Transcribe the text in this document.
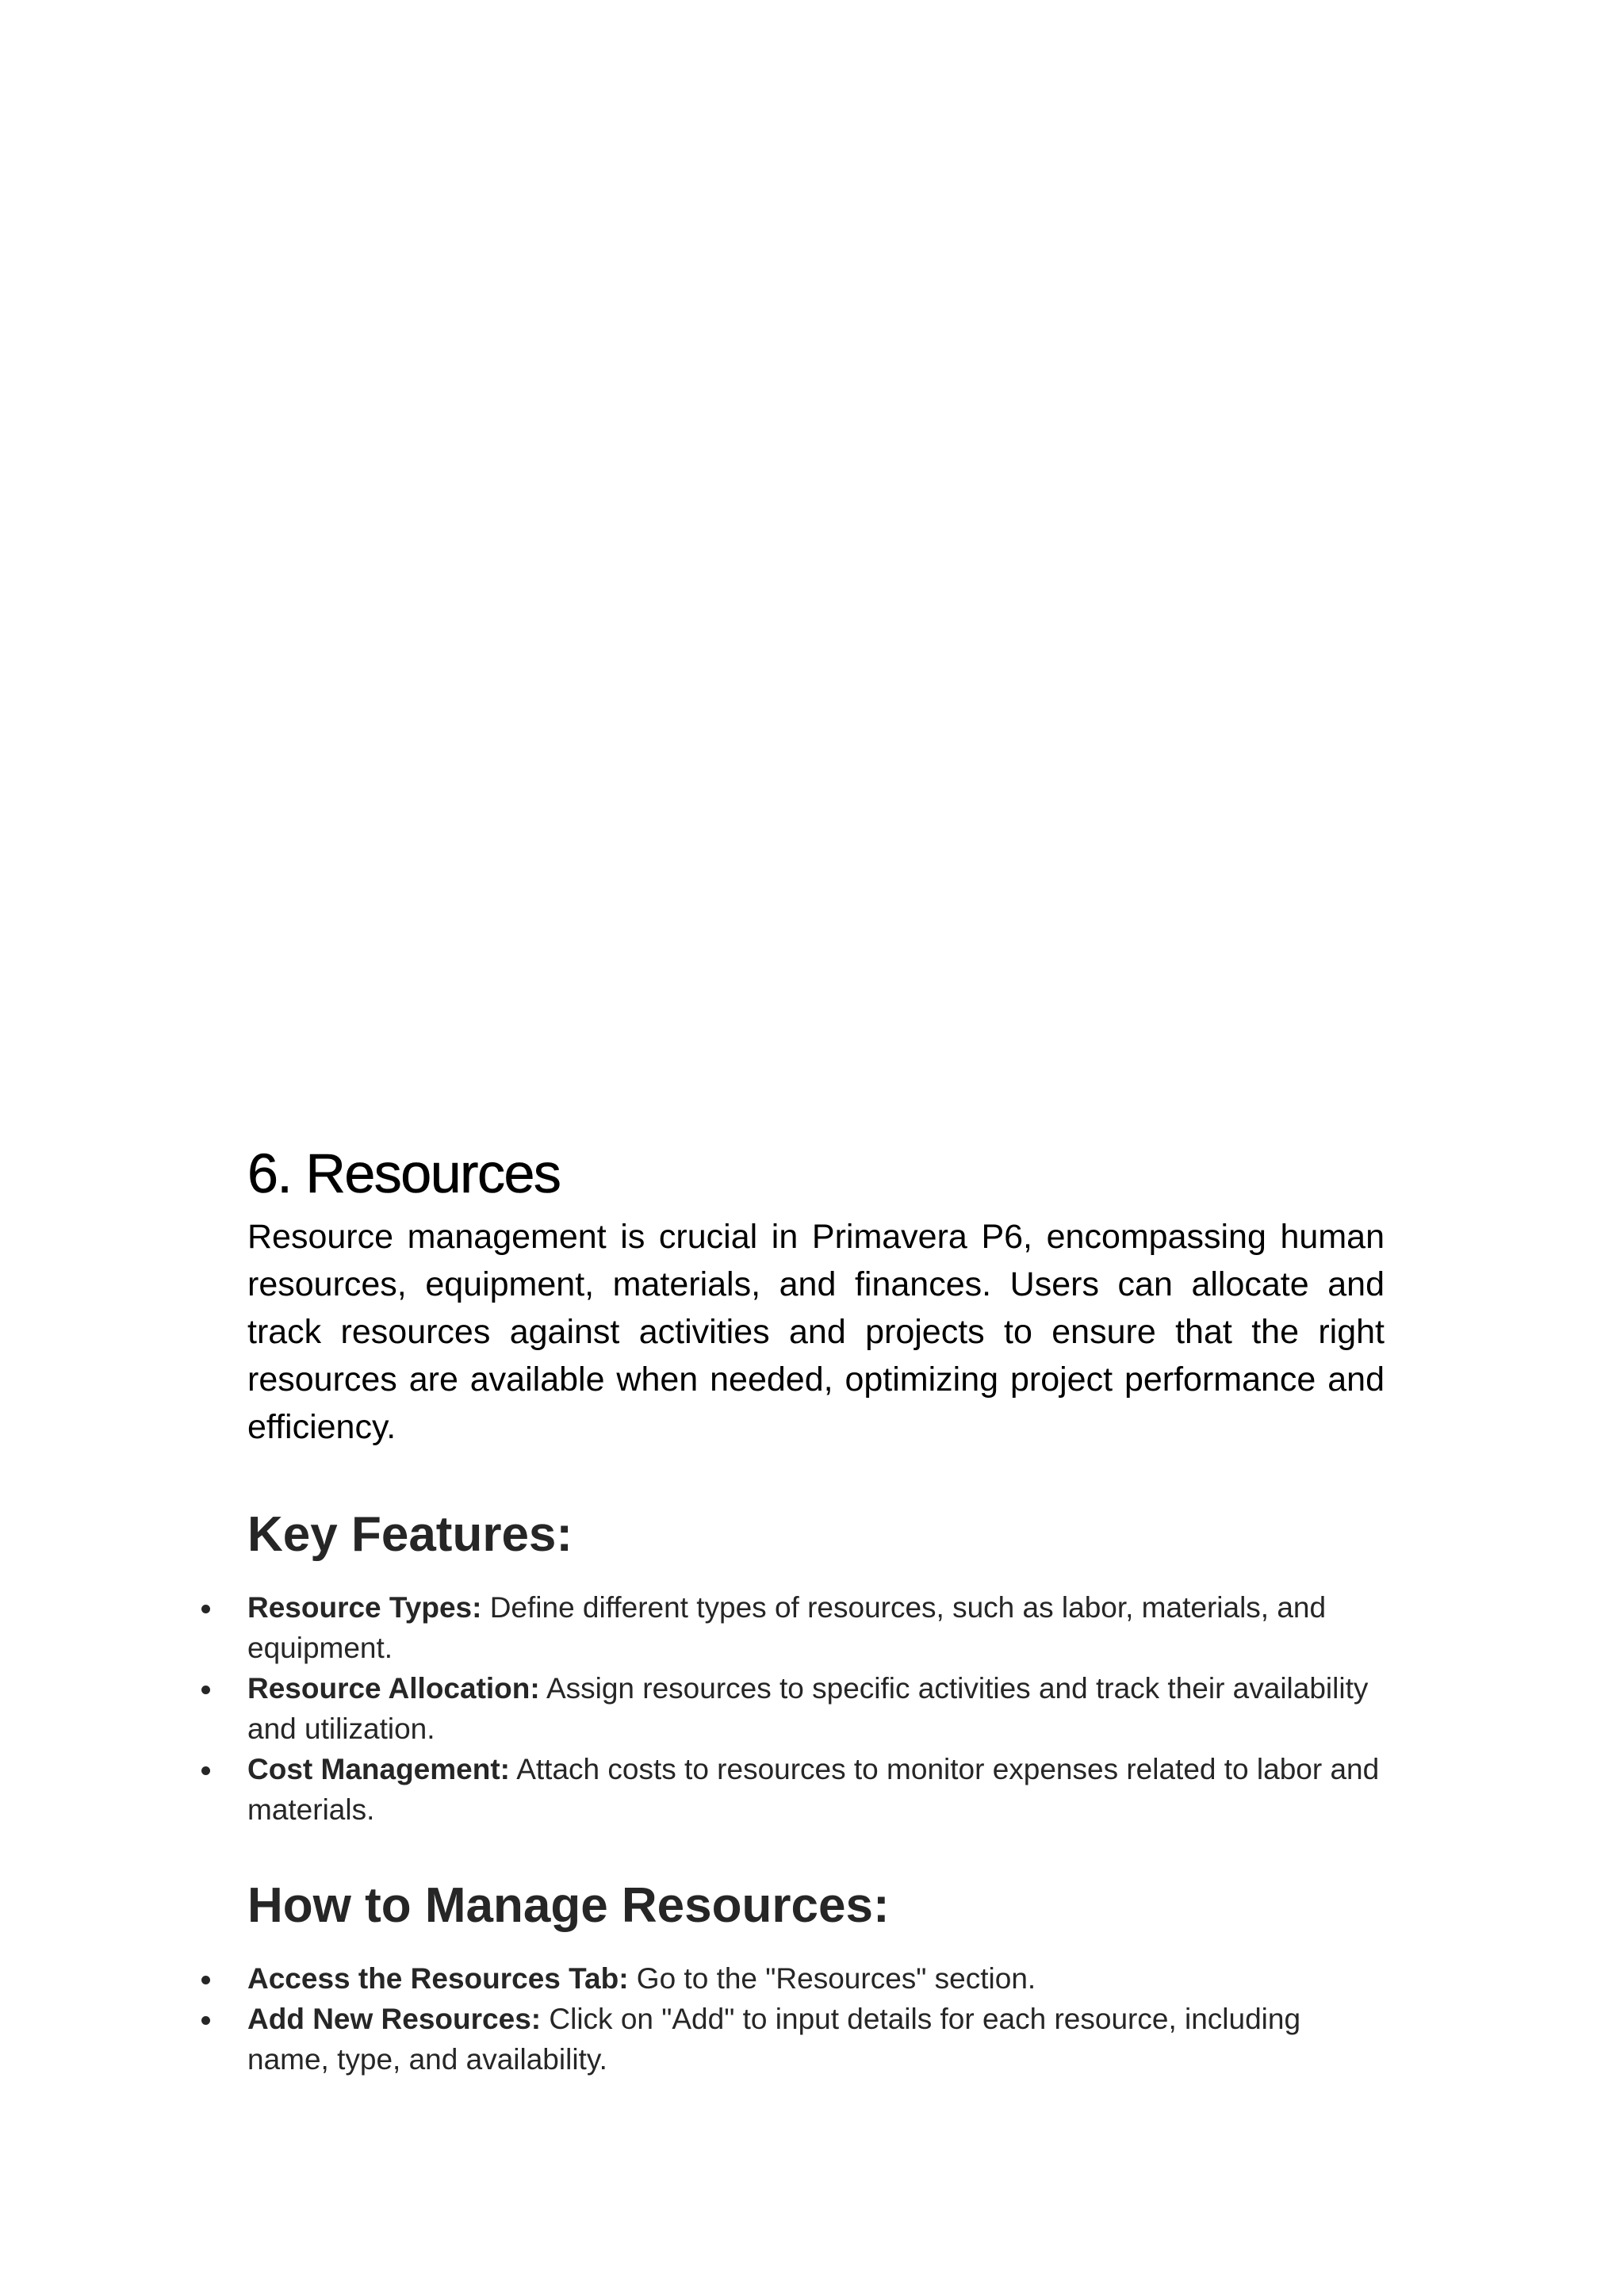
6. Resources

Resource management is crucial in Primavera P6, encompassing human resources, equipment, materials, and finances. Users can allocate and track resources against activities and projects to ensure that the right resources are available when needed, optimizing project performance and efficiency.

Key Features:
Resource Types: Define different types of resources, such as labor, materials, and equipment.
Resource Allocation: Assign resources to specific activities and track their availability and utilization.
Cost Management: Attach costs to resources to monitor expenses related to labor and materials.
How to Manage Resources:
Access the Resources Tab: Go to the "Resources" section.
Add New Resources: Click on "Add" to input details for each resource, including name, type, and availability.
